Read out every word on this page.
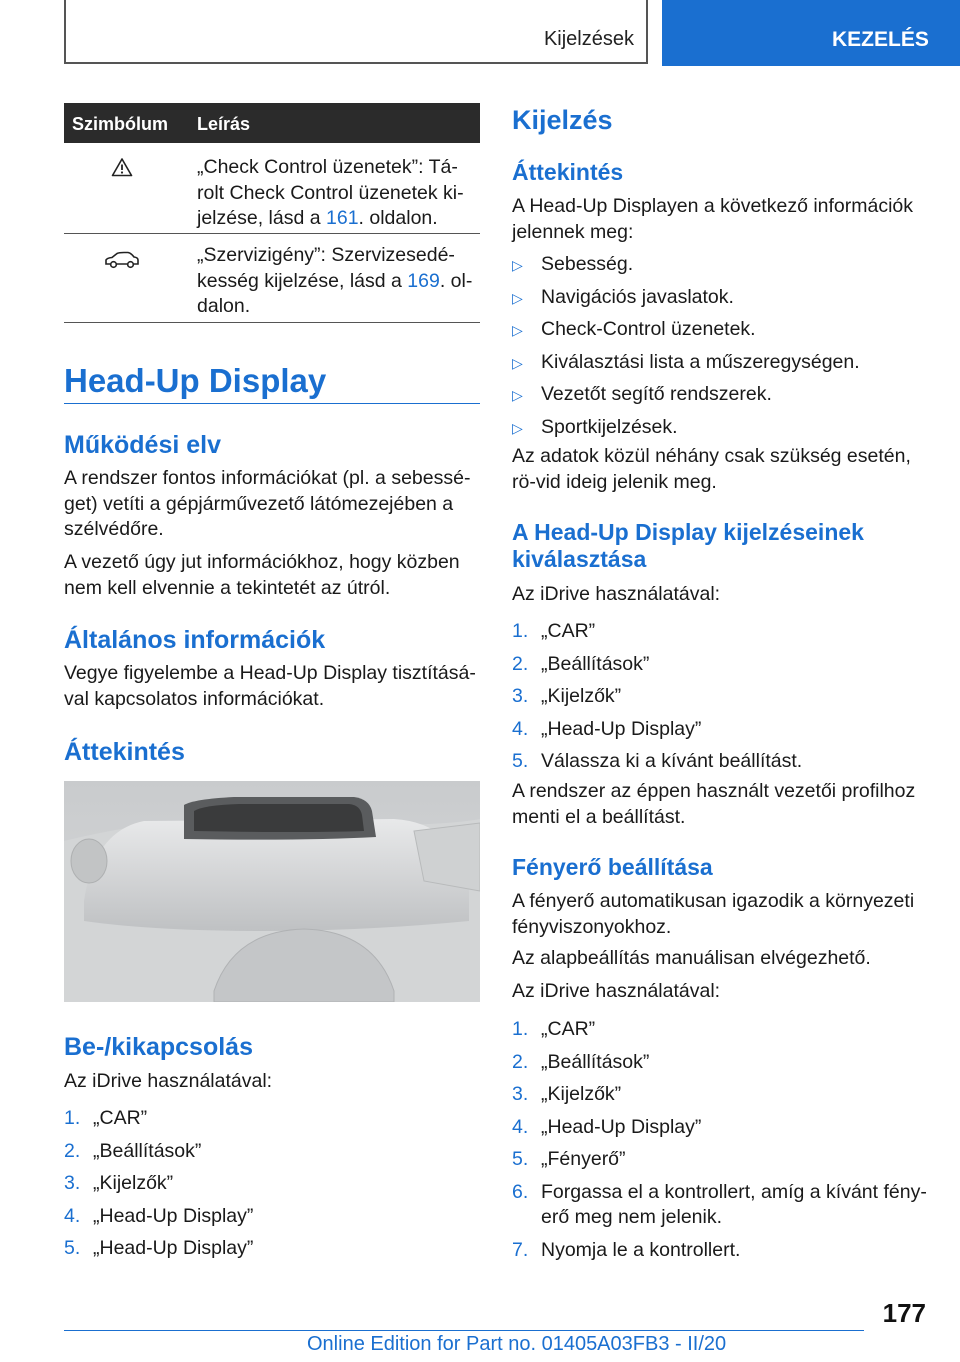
Kijelzések	KEZELÉS
Szimbólum Leírás

„Check Control üzenetek”: Tá-rolt Check Control üzenetek ki-jelzése, lásd a 161. oldalon.

„Szervizigény”: Szervizesedé-kesség kijelzése, lásd a 169. ol-dalon.

Head-Up Display
Működési elv

A rendszer fontos információkat (pl. a sebessé-get) vetíti a gépjárművezető látómezejében a szélvédőre.

A vezető úgy jut információkhoz, hogy közben nem kell elvennie a tekintetét az útról.

Általános információk

Vegye figyelembe a Head-Up Display tisztításá-val kapcsolatos információkat.

Áttekintés
Be-/kikapcsolás

Az iDrive használatával:

1. „CAR”
2. „Beállítások”
3. „Kijelzők”
4. „Head-Up Display”
5. „Head-Up Display”
Kijelzés
Áttekintés

A Head-Up Displayen a következő információk jelennek meg:

▷ Sebesség.
▷ Navigációs javaslatok.
▷ Check-Control üzenetek.
▷ Kiválasztási lista a műszeregységen.
▷ Vezetőt segítő rendszerek.
▷ Sportkijelzések.

Az adatok közül néhány csak szükség esetén, rö-vid ideig jelenik meg.

A Head-Up Display kijelzéseinek kiválasztása

Az iDrive használatával:

1. „CAR”
2. „Beállítások”
3. „Kijelzők”
4. „Head-Up Display”
5. Válassza ki a kívánt beállítást.

A rendszer az éppen használt vezetői profilhoz menti el a beállítást.

Fényerő beállítása

A fényerő automatikusan igazodik a környezeti fényviszonyokhoz.

Az alapbeállítás manuálisan elvégezhető.

Az iDrive használatával:

1. „CAR”
2. „Beállítások”
3. „Kijelzők”
4. „Head-Up Display”
5. „Fényerő”
6. Forgassa el a kontrollert, amíg a kívánt fény-erő meg nem jelenik.
7. Nyomja le a kontrollert.
177
Online Edition for Part no. 01405A03FB3 - II/20
